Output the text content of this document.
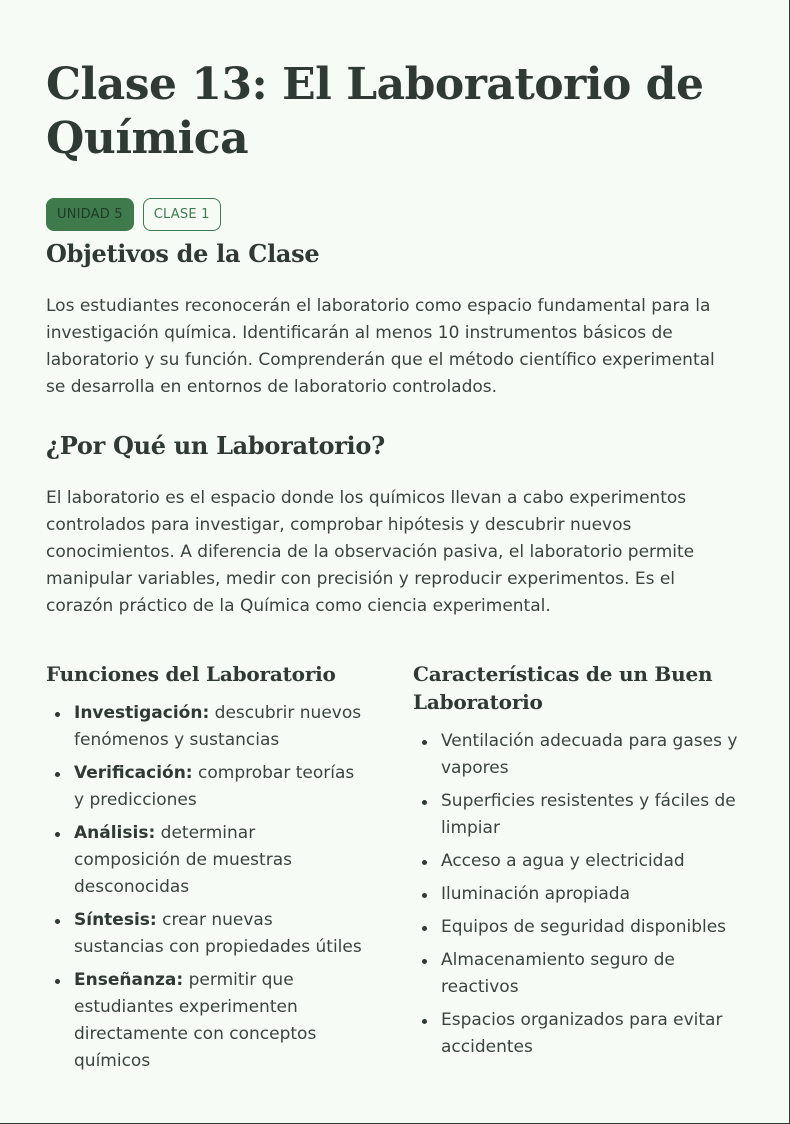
Clase 13: El Laboratorio de Química
UNIDAD 5	CLASE 1
Objetivos de la Clase

Los estudiantes reconocerán el laboratorio como espacio fundamental para la investigación química. Identificarán al menos 10 instrumentos básicos de laboratorio y su función. Comprenderán que el método científico experimental se desarrolla en entornos de laboratorio controlados.

¿Por Qué un Laboratorio?

El laboratorio es el espacio donde los químicos llevan a cabo experimentos controlados para investigar, comprobar hipótesis y descubrir nuevos conocimientos. A diferencia de la observación pasiva, el laboratorio permite manipular variables, medir con precisión y reproducir experimentos. Es el corazón práctico de la Química como ciencia experimental.

Funciones del Laboratorio
Investigación: descubrir nuevos fenómenos y sustancias
Verificación: comprobar teorías y predicciones
Análisis: determinar composición de muestras desconocidas
Síntesis: crear nuevas sustancias con propiedades útiles
Enseñanza: permitir que estudiantes experimenten directamente con conceptos químicos
Características de un Buen Laboratorio
Ventilación adecuada para gases y vapores
Superficies resistentes y fáciles de limpiar
Acceso a agua y electricidad
Iluminación apropiada
Equipos de seguridad disponibles
Almacenamiento seguro de reactivos
Espacios organizados para evitar accidentes
